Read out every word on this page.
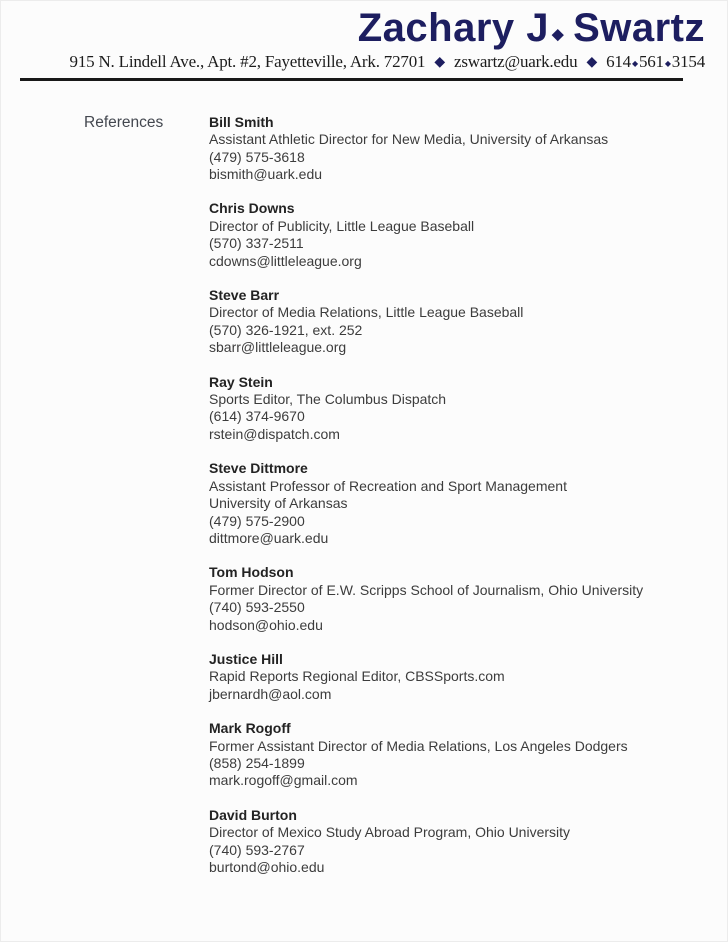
Zachary J ◆ Swartz
915 N. Lindell Ave., Apt. #2, Fayetteville, Ark. 72701 ◆ zswartz@uark.edu ◆ 614◆561◆3154
References	Bill Smith
Assistant Athletic Director for New Media, University of Arkansas
(479) 575-3618
bismith@uark.edu
Chris Downs
Director of Publicity, Little League Baseball
(570) 337-2511
cdowns@littleleague.org
Steve Barr
Director of Media Relations, Little League Baseball
(570) 326-1921, ext. 252
sbarr@littleleague.org
Ray Stein
Sports Editor, The Columbus Dispatch
(614) 374-9670
rstein@dispatch.com
Steve Dittmore
Assistant Professor of Recreation and Sport Management
University of Arkansas
(479) 575-2900
dittmore@uark.edu
Tom Hodson
Former Director of E.W. Scripps School of Journalism, Ohio University
(740) 593-2550
hodson@ohio.edu
Justice Hill
Rapid Reports Regional Editor, CBSSports.com
jbernardh@aol.com
Mark Rogoff
Former Assistant Director of Media Relations, Los Angeles Dodgers
(858) 254-1899
mark.rogoff@gmail.com
David Burton
Director of Mexico Study Abroad Program, Ohio University
(740) 593-2767
burtond@ohio.edu
